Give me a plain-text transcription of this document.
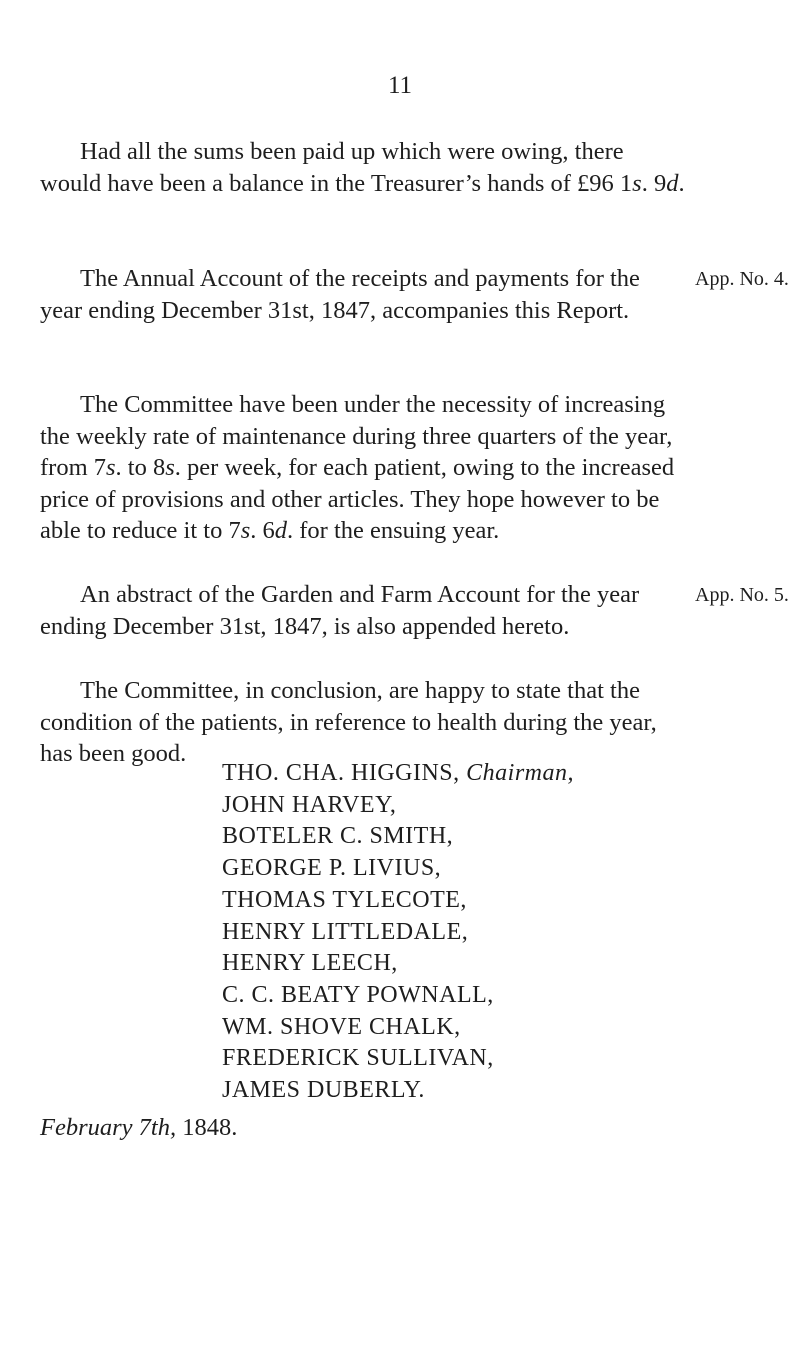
11

Had all the sums been paid up which were owing, there would have been a balance in the Treasurer’s hands of £96 1s. 9d.

The Annual Account of the receipts and payments for the year ending December 31st, 1847, accompanies this Report.

App. No. 4.

The Committee have been under the necessity of increasing the weekly rate of maintenance during three quarters of the year, from 7s. to 8s. per week, for each patient, owing to the increased price of provisions and other articles. They hope however to be able to reduce it to 7s. 6d. for the ensuing year.

An abstract of the Garden and Farm Account for the year ending December 31st, 1847, is also appended hereto.

App. No. 5.

The Committee, in conclusion, are happy to state that the condition of the patients, in reference to health during the year, has been good.

THO. CHA. HIGGINS, Chairman,
JOHN HARVEY,
BOTELER C. SMITH,
GEORGE P. LIVIUS,
THOMAS TYLECOTE,
HENRY LITTLEDALE,
HENRY LEECH,
C. C. BEATY POWNALL,
WM. SHOVE CHALK,
FREDERICK SULLIVAN,
JAMES DUBERLY.
February 7th, 1848.
